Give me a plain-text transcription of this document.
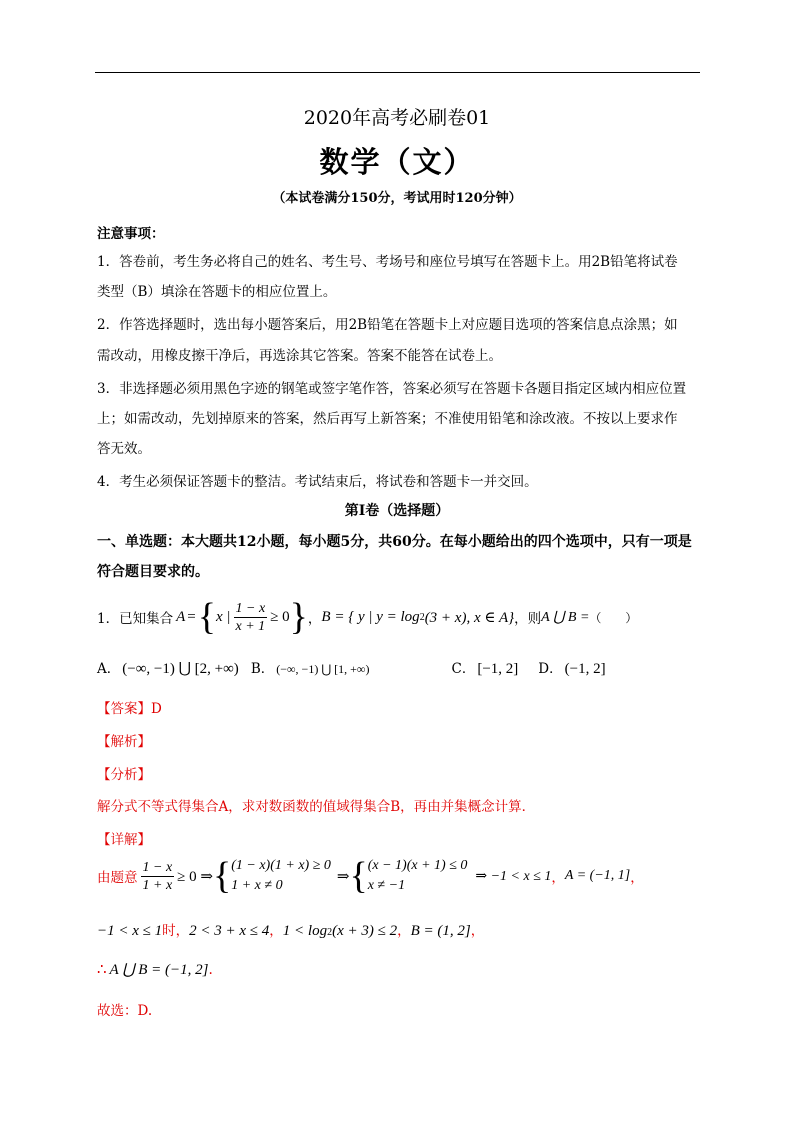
2020年高考必刷卷01
数学（文）
（本试卷满分150分，考试用时120分钟）
注意事项：
1．答卷前，考生务必将自己的姓名、考生号、考场号和座位号填写在答题卡上。用2B铅笔将试卷
类型（B）填涂在答题卡的相应位置上。
2．作答选择题时，选出每小题答案后，用2B铅笔在答题卡上对应题目选项的答案信息点涂黑；如
需改动，用橡皮擦干净后，再选涂其它答案。答案不能答在试卷上。
3．非选择题必须用黑色字迹的钢笔或签字笔作答，答案必须写在答题卡各题目指定区域内相应位置
上；如需改动，先划掉原来的答案，然后再写上新答案；不准使用铅笔和涂改液。不按以上要求作
答无效。
4．考生必须保证答题卡的整洁。考试结束后，将试卷和答题卡一并交回。
第Ⅰ卷（选择题）
一、单选题：本大题共12小题，每小题5分，共60分。在每小题给出的四个选项中，只有一项是
符合题目要求的。
1．已知集合 A = { x | $\frac{1 - x}{x + 1} \ge 0$ } ， B = { y | y = log 2 (3 + x), x ∈ A} ，则 A ⋃ B = （　　）
A． (−∞, −1) ⋃ [2, +∞) B． (−∞, −1) ⋃ [1, +∞)	C． [−1, 2] D． (−1, 2]
【答案】D
【解析】
【分析】
解分式不等式得集合A，求对数函数的值域得集合B，再由并集概念计算．
【详解】
由题意 $\frac{1 - x}{1 + x} \ge 0$ ⇒ { (1 − x)(1 + x) ≥ 0
1 + x ≠ 0
⇒ { (x − 1)(x + 1) ≤ 0
x ≠ −1
⇒ −1 < x ≤ 1 ， A = (−1, 1] ，
−1 < x ≤ 1 时， 2 < 3 + x ≤ 4 ， 1 < log 2 (x + 3) ≤ 2 ， B = (1, 2] ，
∴ A ⋃ B = (−1, 2] .
故选：D.
